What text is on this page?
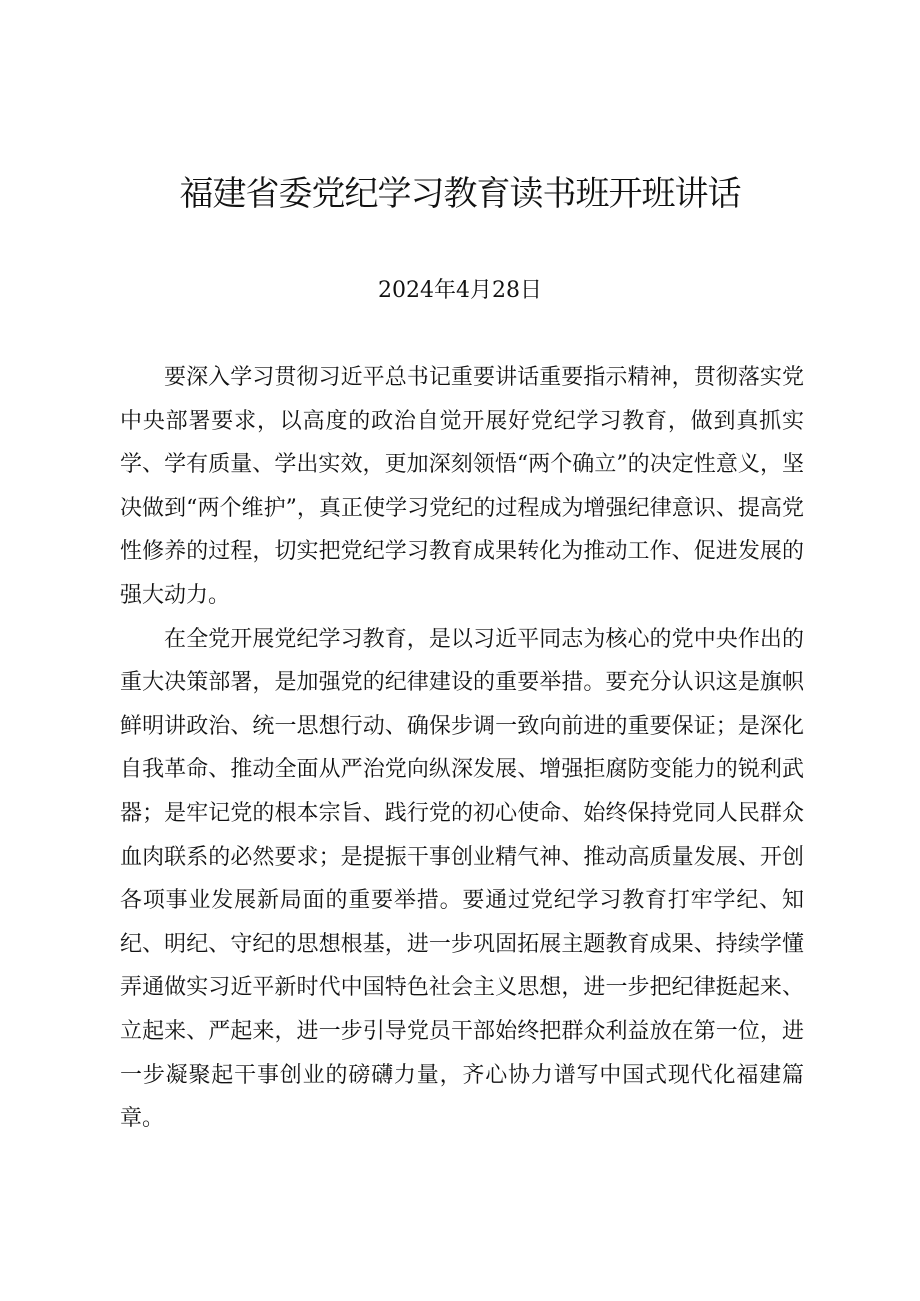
福建省委党纪学习教育读书班开班讲话

2024年4月28日

要深入学习贯彻习近平总书记重要讲话重要指示精神，贯彻落实党中央部署要求，以高度的政治自觉开展好党纪学习教育，做到真抓实学、学有质量、学出实效，更加深刻领悟“两个确立”的决定性意义，坚决做到“两个维护”，真正使学习党纪的过程成为增强纪律意识、提高党性修养的过程，切实把党纪学习教育成果转化为推动工作、促进发展的强大动力。

在全党开展党纪学习教育，是以习近平同志为核心的党中央作出的重大决策部署，是加强党的纪律建设的重要举措。要充分认识这是旗帜鲜明讲政治、统一思想行动、确保步调一致向前进的重要保证；是深化自我革命、推动全面从严治党向纵深发展、增强拒腐防变能力的锐利武器；是牢记党的根本宗旨、践行党的初心使命、始终保持党同人民群众血肉联系的必然要求；是提振干事创业精气神、推动高质量发展、开创各项事业发展新局面的重要举措。要通过党纪学习教育打牢学纪、知纪、明纪、守纪的思想根基，进一步巩固拓展主题教育成果、持续学懂弄通做实习近平新时代中国特色社会主义思想，进一步把纪律挺起来、立起来、严起来，进一步引导党员干部始终把群众利益放在第一位，进一步凝聚起干事创业的磅礴力量，齐心协力谱写中国式现代化福建篇章。
